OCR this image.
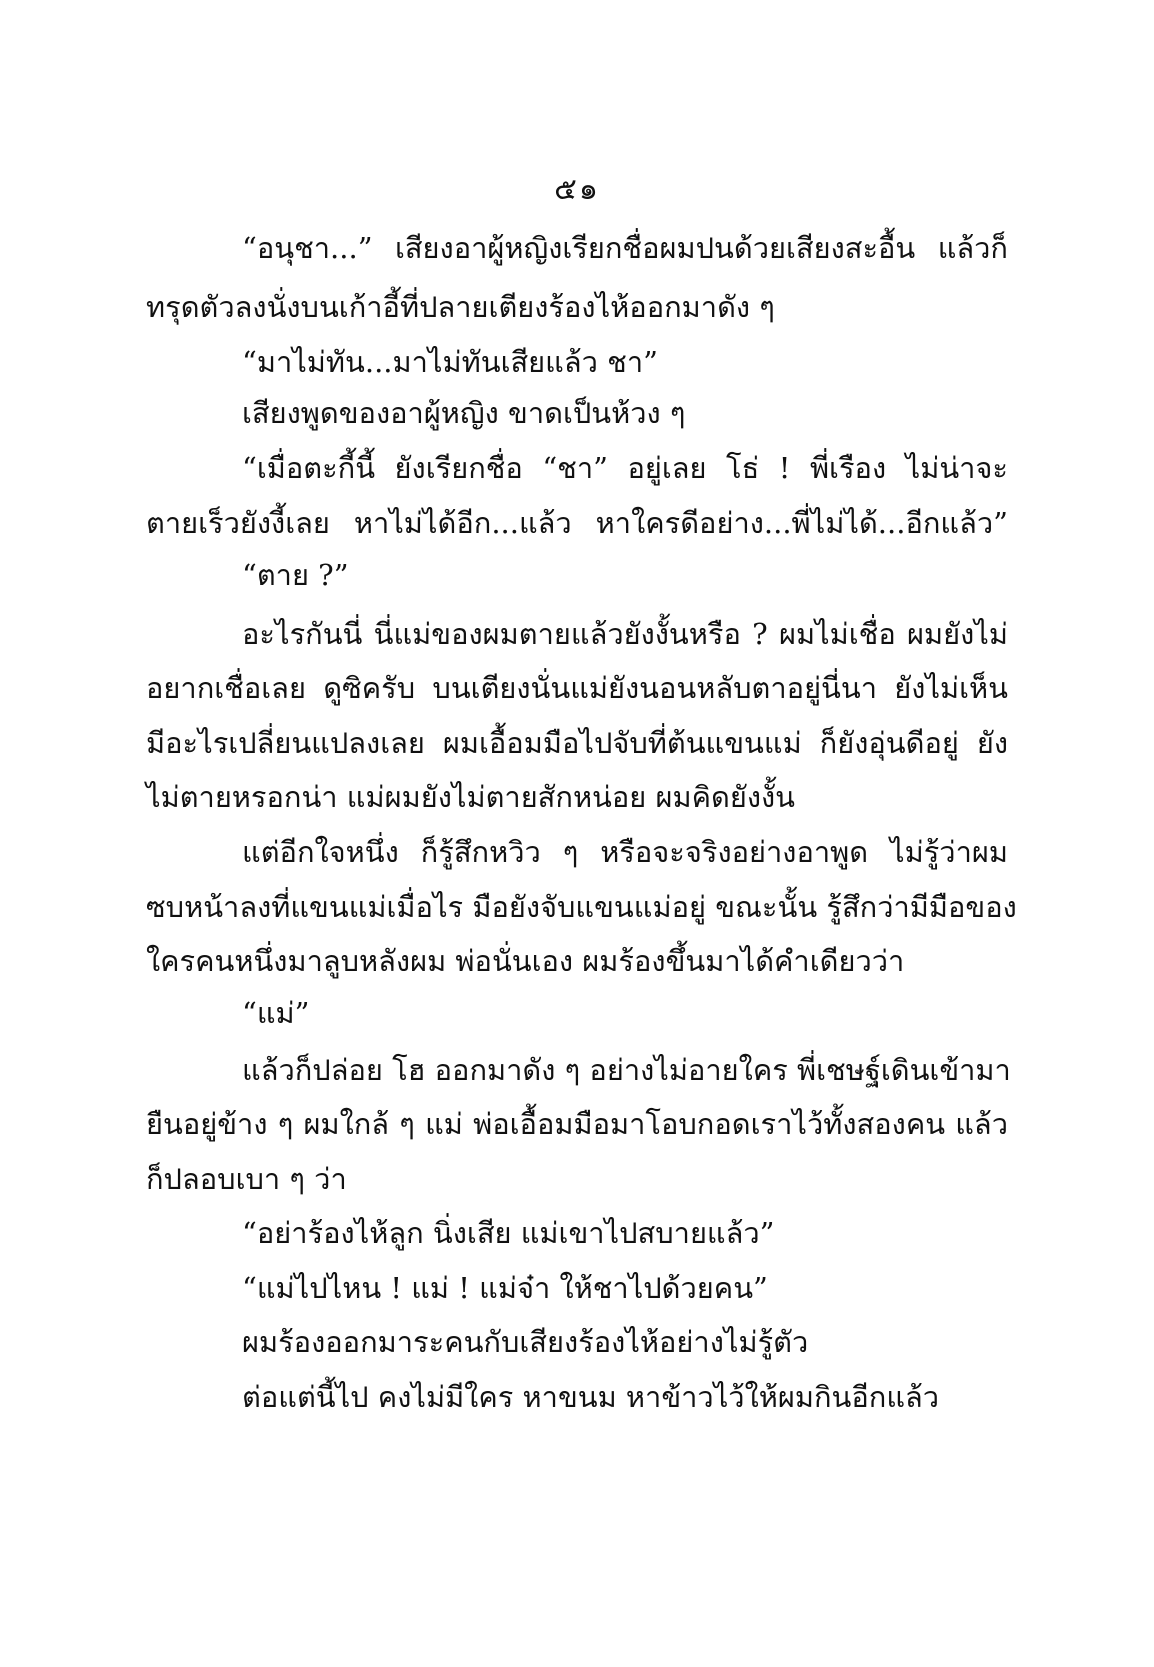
๕๑
“อนุชา...” เสียงอาผู้หญิงเรียกชื่อผมปนด้วยเสียงสะอื้น แล้วก็
ทรุดตัวลงนั่งบนเก้าอี้ที่ปลายเตียงร้องไห้ออกมาดัง ๆ
“มาไม่ทัน...มาไม่ทันเสียแล้ว ชา”
เสียงพูดของอาผู้หญิง ขาดเป็นห้วง ๆ
“เมื่อตะกี้นี้ ยังเรียกชื่อ “ชา” อยู่เลย โธ่ ! พี่เรือง ไม่น่าจะ
ตายเร็วยังงี้เลย หาไม่ได้อีก...แล้ว หาใครดีอย่าง...พี่ไม่ได้...อีกแล้ว”
“ตาย ?”
อะไรกันนี่ นี่แม่ของผมตายแล้วยังงั้นหรือ ? ผมไม่เชื่อ ผมยังไม่
อยากเชื่อเลย ดูซิครับ บนเตียงนั่นแม่ยังนอนหลับตาอยู่นี่นา ยังไม่เห็น
มีอะไรเปลี่ยนแปลงเลย ผมเอื้อมมือไปจับที่ต้นแขนแม่ ก็ยังอุ่นดีอยู่ ยัง
ไม่ตายหรอกน่า แม่ผมยังไม่ตายสักหน่อย ผมคิดยังงั้น
แต่อีกใจหนึ่ง ก็รู้สึกหวิว ๆ หรือจะจริงอย่างอาพูด ไม่รู้ว่าผม
ซบหน้าลงที่แขนแม่เมื่อไร มือยังจับแขนแม่อยู่ ขณะนั้น รู้สึกว่ามีมือของ
ใครคนหนึ่งมาลูบหลังผม พ่อนั่นเอง ผมร้องขึ้นมาได้คำเดียวว่า
“แม่”
แล้วก็ปล่อย โฮ ออกมาดัง ๆ อย่างไม่อายใคร พี่เชษฐ์เดินเข้ามา
ยืนอยู่ข้าง ๆ ผมใกล้ ๆ แม่ พ่อเอื้อมมือมาโอบกอดเราไว้ทั้งสองคน แล้ว
ก็ปลอบเบา ๆ ว่า
“อย่าร้องไห้ลูก นิ่งเสีย แม่เขาไปสบายแล้ว”
“แม่ไปไหน ! แม่ ! แม่จ๋า ให้ชาไปด้วยคน”
ผมร้องออกมาระคนกับเสียงร้องไห้อย่างไม่รู้ตัว
ต่อแต่นี้ไป คงไม่มีใคร หาขนม หาข้าวไว้ให้ผมกินอีกแล้ว
